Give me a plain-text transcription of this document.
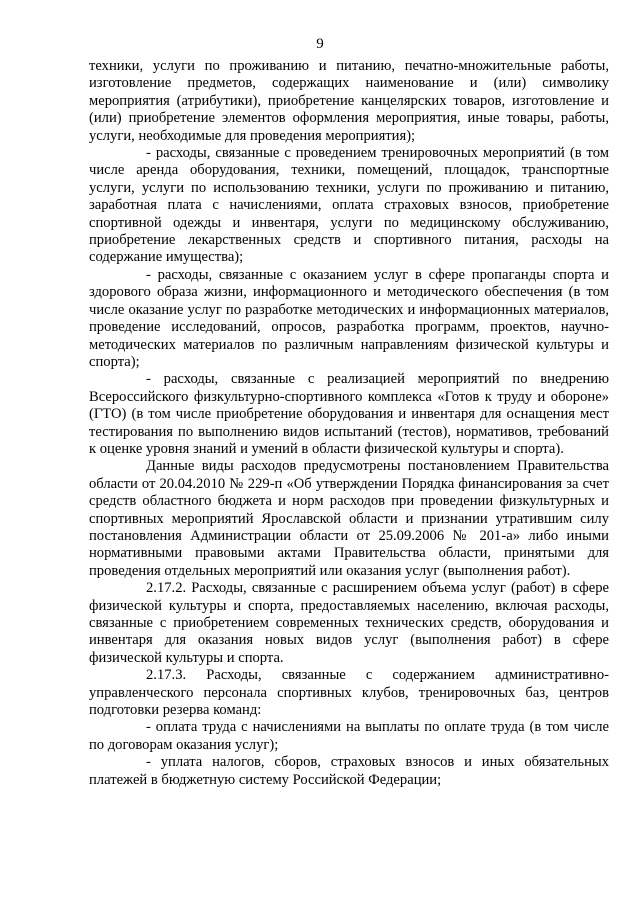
9

техники, услуги по проживанию и питанию, печатно-множительные работы, изготовление предметов, содержащих наименование и (или) символику мероприятия (атрибутики), приобретение канцелярских товаров, изготовление и (или) приобретение элементов оформления мероприятия, иные товары, работы, услуги, необходимые для проведения мероприятия);

- расходы, связанные с проведением тренировочных мероприятий (в том числе аренда оборудования, техники, помещений, площадок, транспортные услуги, услуги по использованию техники, услуги по проживанию и питанию, заработная плата с начислениями, оплата страховых взносов, приобретение спортивной одежды и инвентаря, услуги по медицинскому обслуживанию, приобретение лекарственных средств и спортивного питания, расходы на содержание имущества);

- расходы, связанные с оказанием услуг в сфере пропаганды спорта и здорового образа жизни, информационного и методического обеспечения (в том числе оказание услуг по разработке методических и информационных материалов, проведение исследований, опросов, разработка программ, проектов, научно-методических материалов по различным направлениям физической культуры и спорта);

- расходы, связанные с реализацией мероприятий по внедрению Всероссийского физкультурно-спортивного комплекса «Готов к труду и обороне» (ГТО) (в том числе приобретение оборудования и инвентаря для оснащения мест тестирования по выполнению видов испытаний (тестов), нормативов, требований к оценке уровня знаний и умений в области физической культуры и спорта).

Данные виды расходов предусмотрены постановлением Правительства области от 20.04.2010 № 229-п «Об утверждении Порядка финансирования за счет средств областного бюджета и норм расходов при проведении физкультурных и спортивных мероприятий Ярославской области и признании утратившим силу постановления Администрации области от 25.09.2006 № 201-а» либо иными нормативными правовыми актами Правительства области, принятыми для проведения отдельных мероприятий или оказания услуг (выполнения работ).

2.17.2. Расходы, связанные с расширением объема услуг (работ) в сфере физической культуры и спорта, предоставляемых населению, включая расходы, связанные с приобретением современных технических средств, оборудования и инвентаря для оказания новых видов услуг (выполнения работ) в сфере физической культуры и спорта.

2.17.3. Расходы, связанные с содержанием административно-управленческого персонала спортивных клубов, тренировочных баз, центров подготовки резерва команд:

- оплата труда с начислениями на выплаты по оплате труда (в том числе по договорам оказания услуг);

- уплата налогов, сборов, страховых взносов и иных обязательных платежей в бюджетную систему Российской Федерации;
